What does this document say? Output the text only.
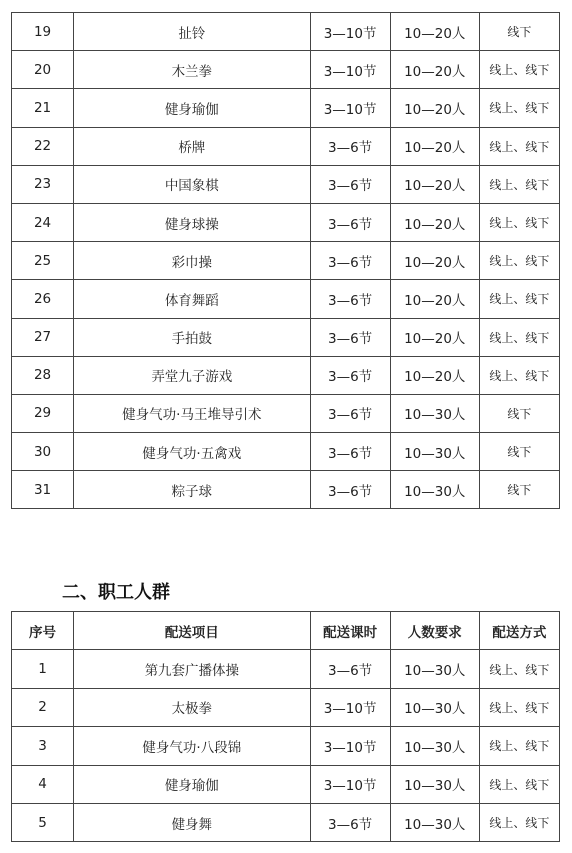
19	扯铃	3—10节	10—20人	线下
20	木兰拳	3—10节	10—20人	线上、线下
21	健身瑜伽	3—10节	10—20人	线上、线下
22	桥牌	3—6节	10—20人	线上、线下
23	中国象棋	3—6节	10—20人	线上、线下
24	健身球操	3—6节	10—20人	线上、线下
25	彩巾操	3—6节	10—20人	线上、线下
26	体育舞蹈	3—6节	10—20人	线上、线下
27	手拍鼓	3—6节	10—20人	线上、线下
28	弄堂九子游戏	3—6节	10—20人	线上、线下
29	健身气功·马王堆导引术	3—6节	10—30人	线下
30	健身气功·五禽戏	3—6节	10—30人	线下
31	粽子球	3—6节	10—30人	线下
二、职工人群
序号	配送项目	配送课时	人数要求	配送方式
1	第九套广播体操	3—6节	10—30人	线上、线下
2	太极拳	3—10节	10—30人	线上、线下
3	健身气功·八段锦	3—10节	10—30人	线上、线下
4	健身瑜伽	3—10节	10—30人	线上、线下
5	健身舞	3—6节	10—30人	线上、线下
